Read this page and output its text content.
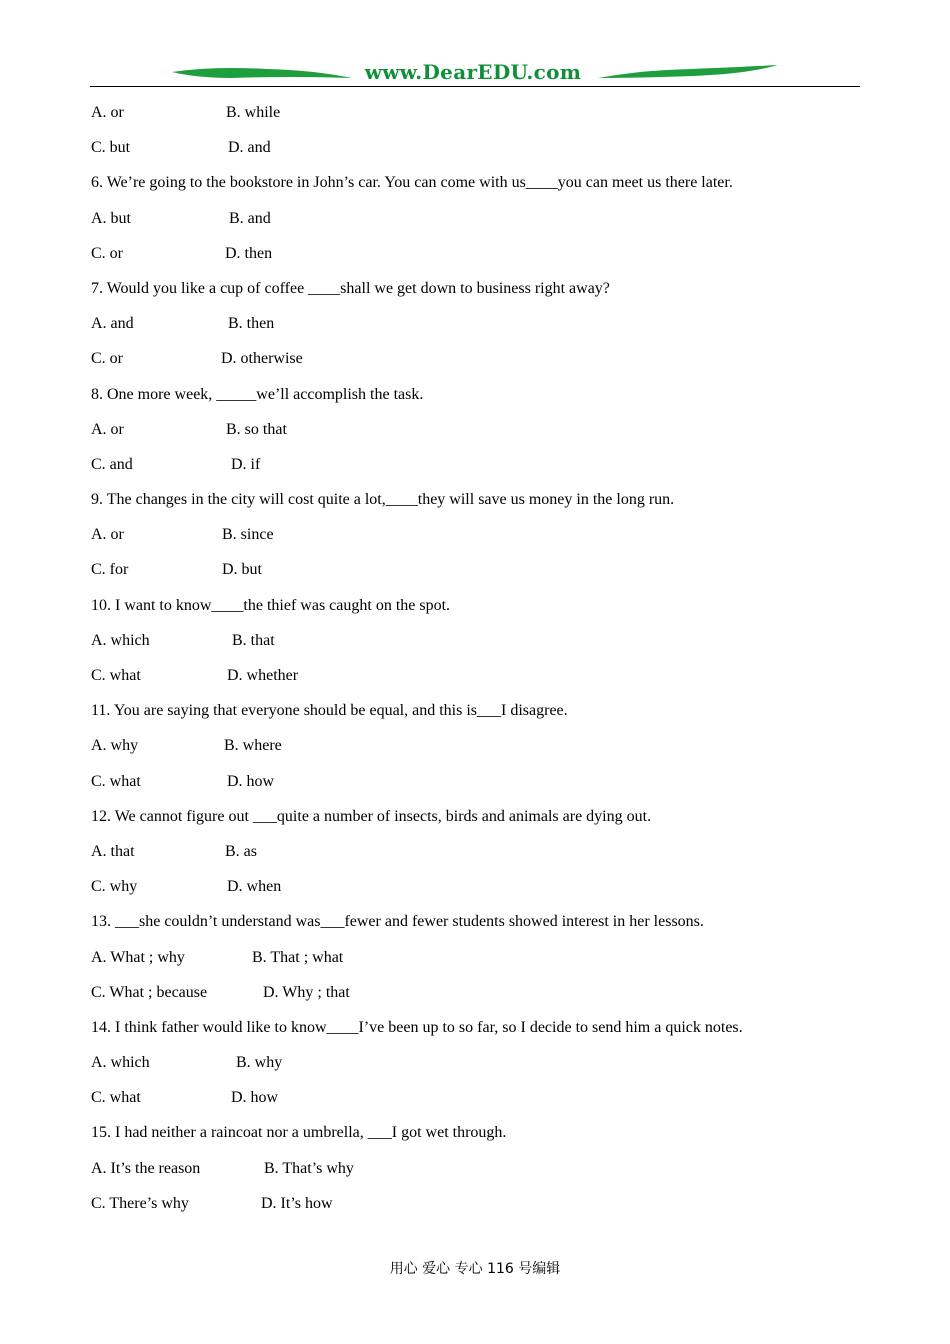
www.DearEDU.com
A. or	B. while
C. but	D. and
6. We’re going to the bookstore in John’s car. You can come with us____you can meet us there later.
A. but	B. and
C. or	D. then
7. Would you like a cup of coffee ____shall we get down to business right away?
A. and	B. then
C. or	D. otherwise
8. One more week, _____we’ll accomplish the task.
A. or	B. so that
C. and	D. if
9. The changes in the city will cost quite a lot,____they will save us money in the long run.
A. or	B. since
C. for	D. but
10. I want to know____the thief was caught on the spot.
A. which	B. that
C. what	D. whether
11. You are saying that everyone should be equal, and this is___I disagree.
A. why	B. where
C. what	D. how
12. We cannot figure out ___quite a number of insects, birds and animals are dying out.
A. that	B. as
C. why	D. when
13. ___she couldn’t understand was___fewer and fewer students showed interest in her lessons.
A. What ; why	B. That ; what
C. What ; because	D. Why ; that
14. I think father would like to know____I’ve been up to so far, so I decide to send him a quick notes.
A. which	B. why
C. what	D. how
15. I had neither a raincoat nor a umbrella, ___I got wet through.
A. It’s the reason	B. That’s why
C. There’s why	D. It’s how
用心 爱心 专心 116 号编辑
